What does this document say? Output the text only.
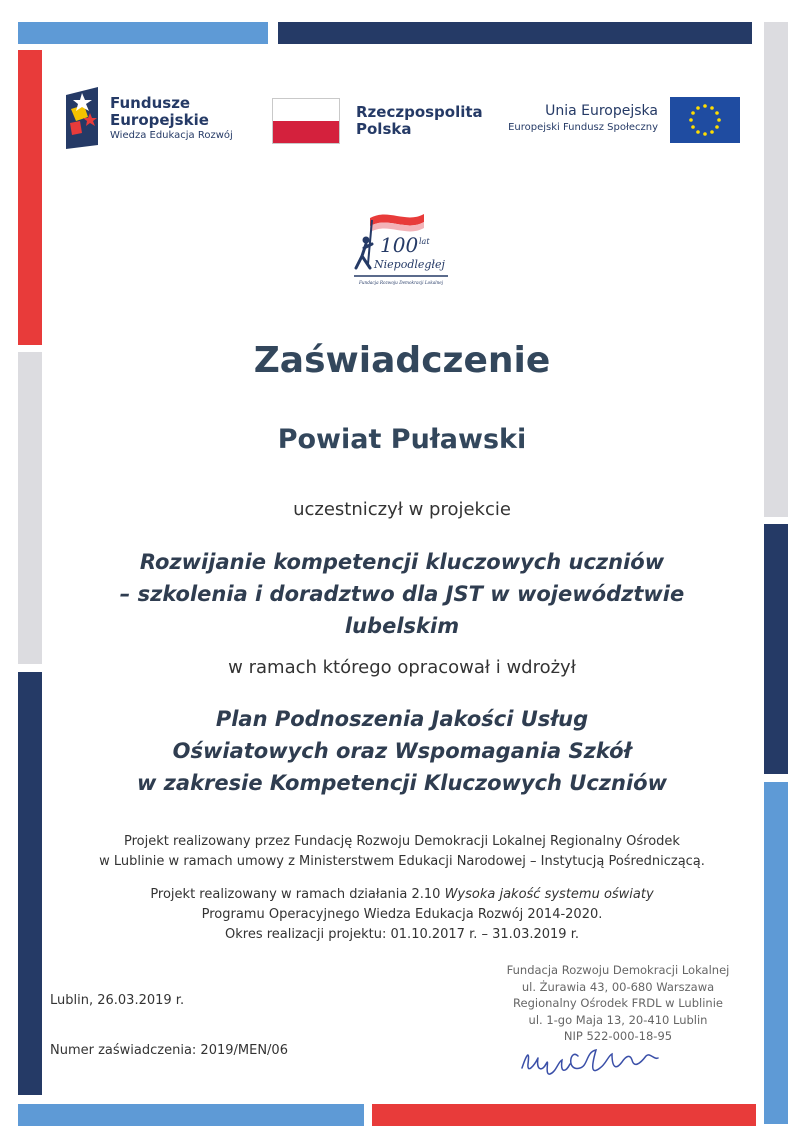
Fundusze
Europejskie
Wiedza Edukacja Rozwój
Rzeczpospolita
Polska
Unia Europejska
Europejski Fundusz Społeczny
100 lat
Niepodległej
Fundacja Rozwoju Demokracji Lokalnej
Zaświadczenie
Powiat Puławski
uczestniczył w projekcie
Rozwijanie kompetencji kluczowych uczniów
– szkolenia i doradztwo dla JST w województwie
lubelskim
w ramach którego opracował i wdrożył
Plan Podnoszenia Jakości Usług
Oświatowych oraz Wspomagania Szkół
w zakresie Kompetencji Kluczowych Uczniów
Projekt realizowany przez Fundację Rozwoju Demokracji Lokalnej Regionalny Ośrodek
w Lublinie w ramach umowy z Ministerstwem Edukacji Narodowej – Instytucją Pośredniczącą.
Projekt realizowany w ramach działania 2.10 Wysoka jakość systemu oświaty
Programu Operacyjnego Wiedza Edukacja Rozwój 2014-2020.
Okres realizacji projektu: 01.10.2017 r. – 31.03.2019 r.
Lublin, 26.03.2019 r.
Numer zaświadczenia: 2019/MEN/06
Fundacja Rozwoju Demokracji Lokalnej
ul. Żurawia 43, 00-680 Warszawa
Regionalny Ośrodek FRDL w Lublinie
ul. 1-go Maja 13, 20-410 Lublin
NIP 522-000-18-95
